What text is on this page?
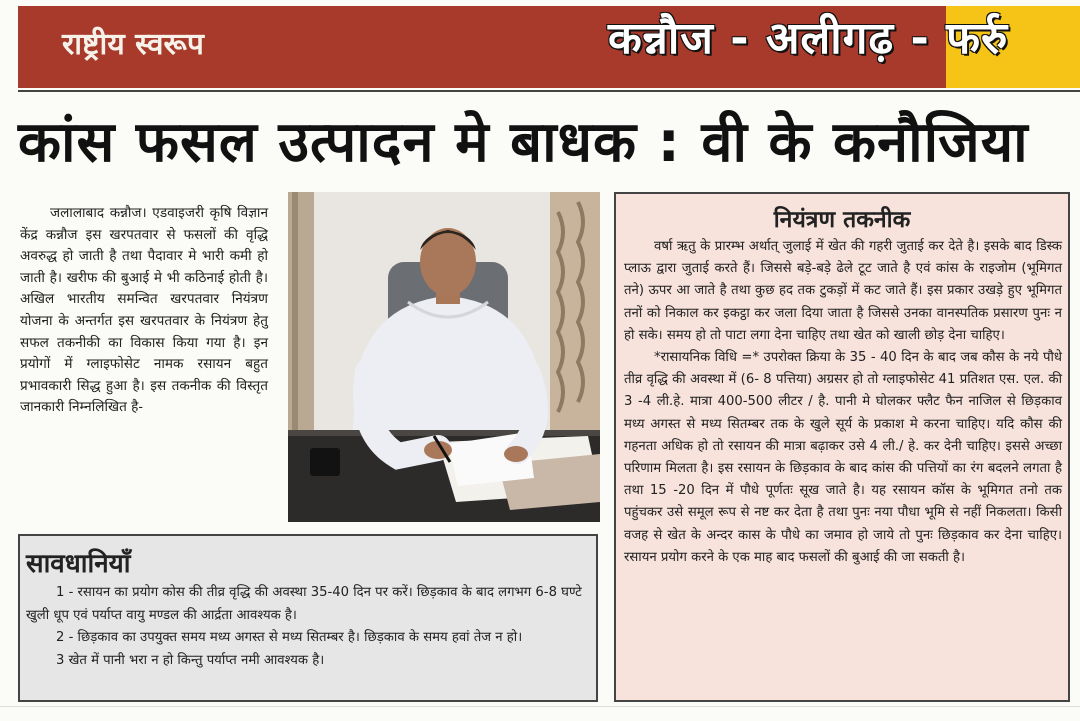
राष्ट्रीय स्वरूप	कन्नौज - अलीगढ़ - फर्रु
कांस फसल उत्पादन मे बाधक : वी के कनौजिया
जलालाबाद कन्नौज। एडवाइजरी कृषि विज्ञान केंद्र कन्नौज इस खरपतवार से फसलों की वृद्धि अवरुद्ध हो जाती है तथा पैदावार मे भारी कमी हो जाती है। खरीफ की बुआई मे भी कठिनाई होती है। अखिल भारतीय समन्वित खरपतवार नियंत्रण योजना के अन्तर्गत इस खरपतवार के नियंत्रण हेतु सफल तकनीकी का विकास किया गया है। इन प्रयोगों में ग्लाइफोसेट नामक रसायन बहुत प्रभावकारी सिद्ध हुआ है। इस तकनीक की विस्तृत जानकारी निम्नलिखित है-
नियंत्रण तकनीक

वर्षा ऋतु के प्रारम्भ अर्थात् जुलाई में खेत की गहरी जुताई कर देते है। इसके बाद डिस्क प्लाऊ द्वारा जुताई करते हैं। जिससे बड़े-बड़े ढेले टूट जाते है एवं कांस के राइजोम (भूमिगत तने) ऊपर आ जाते है तथा कुछ हद तक टुकड़ों में कट जाते हैं। इस प्रकार उखड़े हुए भूमिगत तनों को निकाल कर इकट्ठा कर जला दिया जाता है जिससे उनका वानस्पतिक प्रसारण पुनः न हो सके। समय हो तो पाटा लगा देना चाहिए तथा खेत को खाली छोड़ देना चाहिए।

*रासायनिक विधि =* उपरोक्त क्रिया के 35 - 40 दिन के बाद जब कौस के नये पौधे तीव्र वृद्धि की अवस्था में (6- 8 पत्तिया) अग्रसर हो तो ग्लाइफोसेट 41 प्रतिशत एस. एल. की 3 -4 ली.हे. मात्रा 400-500 लीटर / है. पानी मे घोलकर फ्लैट फैन नाजिल से छिड़काव मध्य अगस्त से मध्य सितम्बर तक के खुले सूर्य के प्रकाश मे करना चाहिए। यदि कौस की गहनता अधिक हो तो रसायन की मात्रा बढ़ाकर उसे 4 ली./ हे. कर देनी चाहिए। इससे अच्छा परिणाम मिलता है। इस रसायन के छिड़काव के बाद कांस की पत्तियों का रंग बदलने लगता है तथा 15 -20 दिन में पौधे पूर्णतः सूख जाते है। यह रसायन कॉस के भूमिगत तनो तक पहुंचकर उसे समूल रूप से नष्ट कर देता है तथा पुनः नया पौधा भूमि से नहीं निकलता। किसी वजह से खेत के अन्दर कास के पौधे का जमाव हो जाये तो पुनः छिड़काव कर देना चाहिए। रसायन प्रयोग करने के एक माह बाद फसलों की बुआई की जा सकती है।

सावधानियाँ

1 - रसायन का प्रयोग कोस की तीव्र वृद्धि की अवस्था 35-40 दिन पर करें। छिड़काव के बाद लगभग 6-8 घण्टे खुली धूप एवं पर्याप्त वायु मण्डल की आर्द्रता आवश्यक है।

2 - छिड़काव का उपयुक्त समय मध्य अगस्त से मध्य सितम्बर है। छिड़काव के समय हवां तेज न हो।

3 खेत में पानी भरा न हो किन्तु पर्याप्त नमी आवश्यक है।
